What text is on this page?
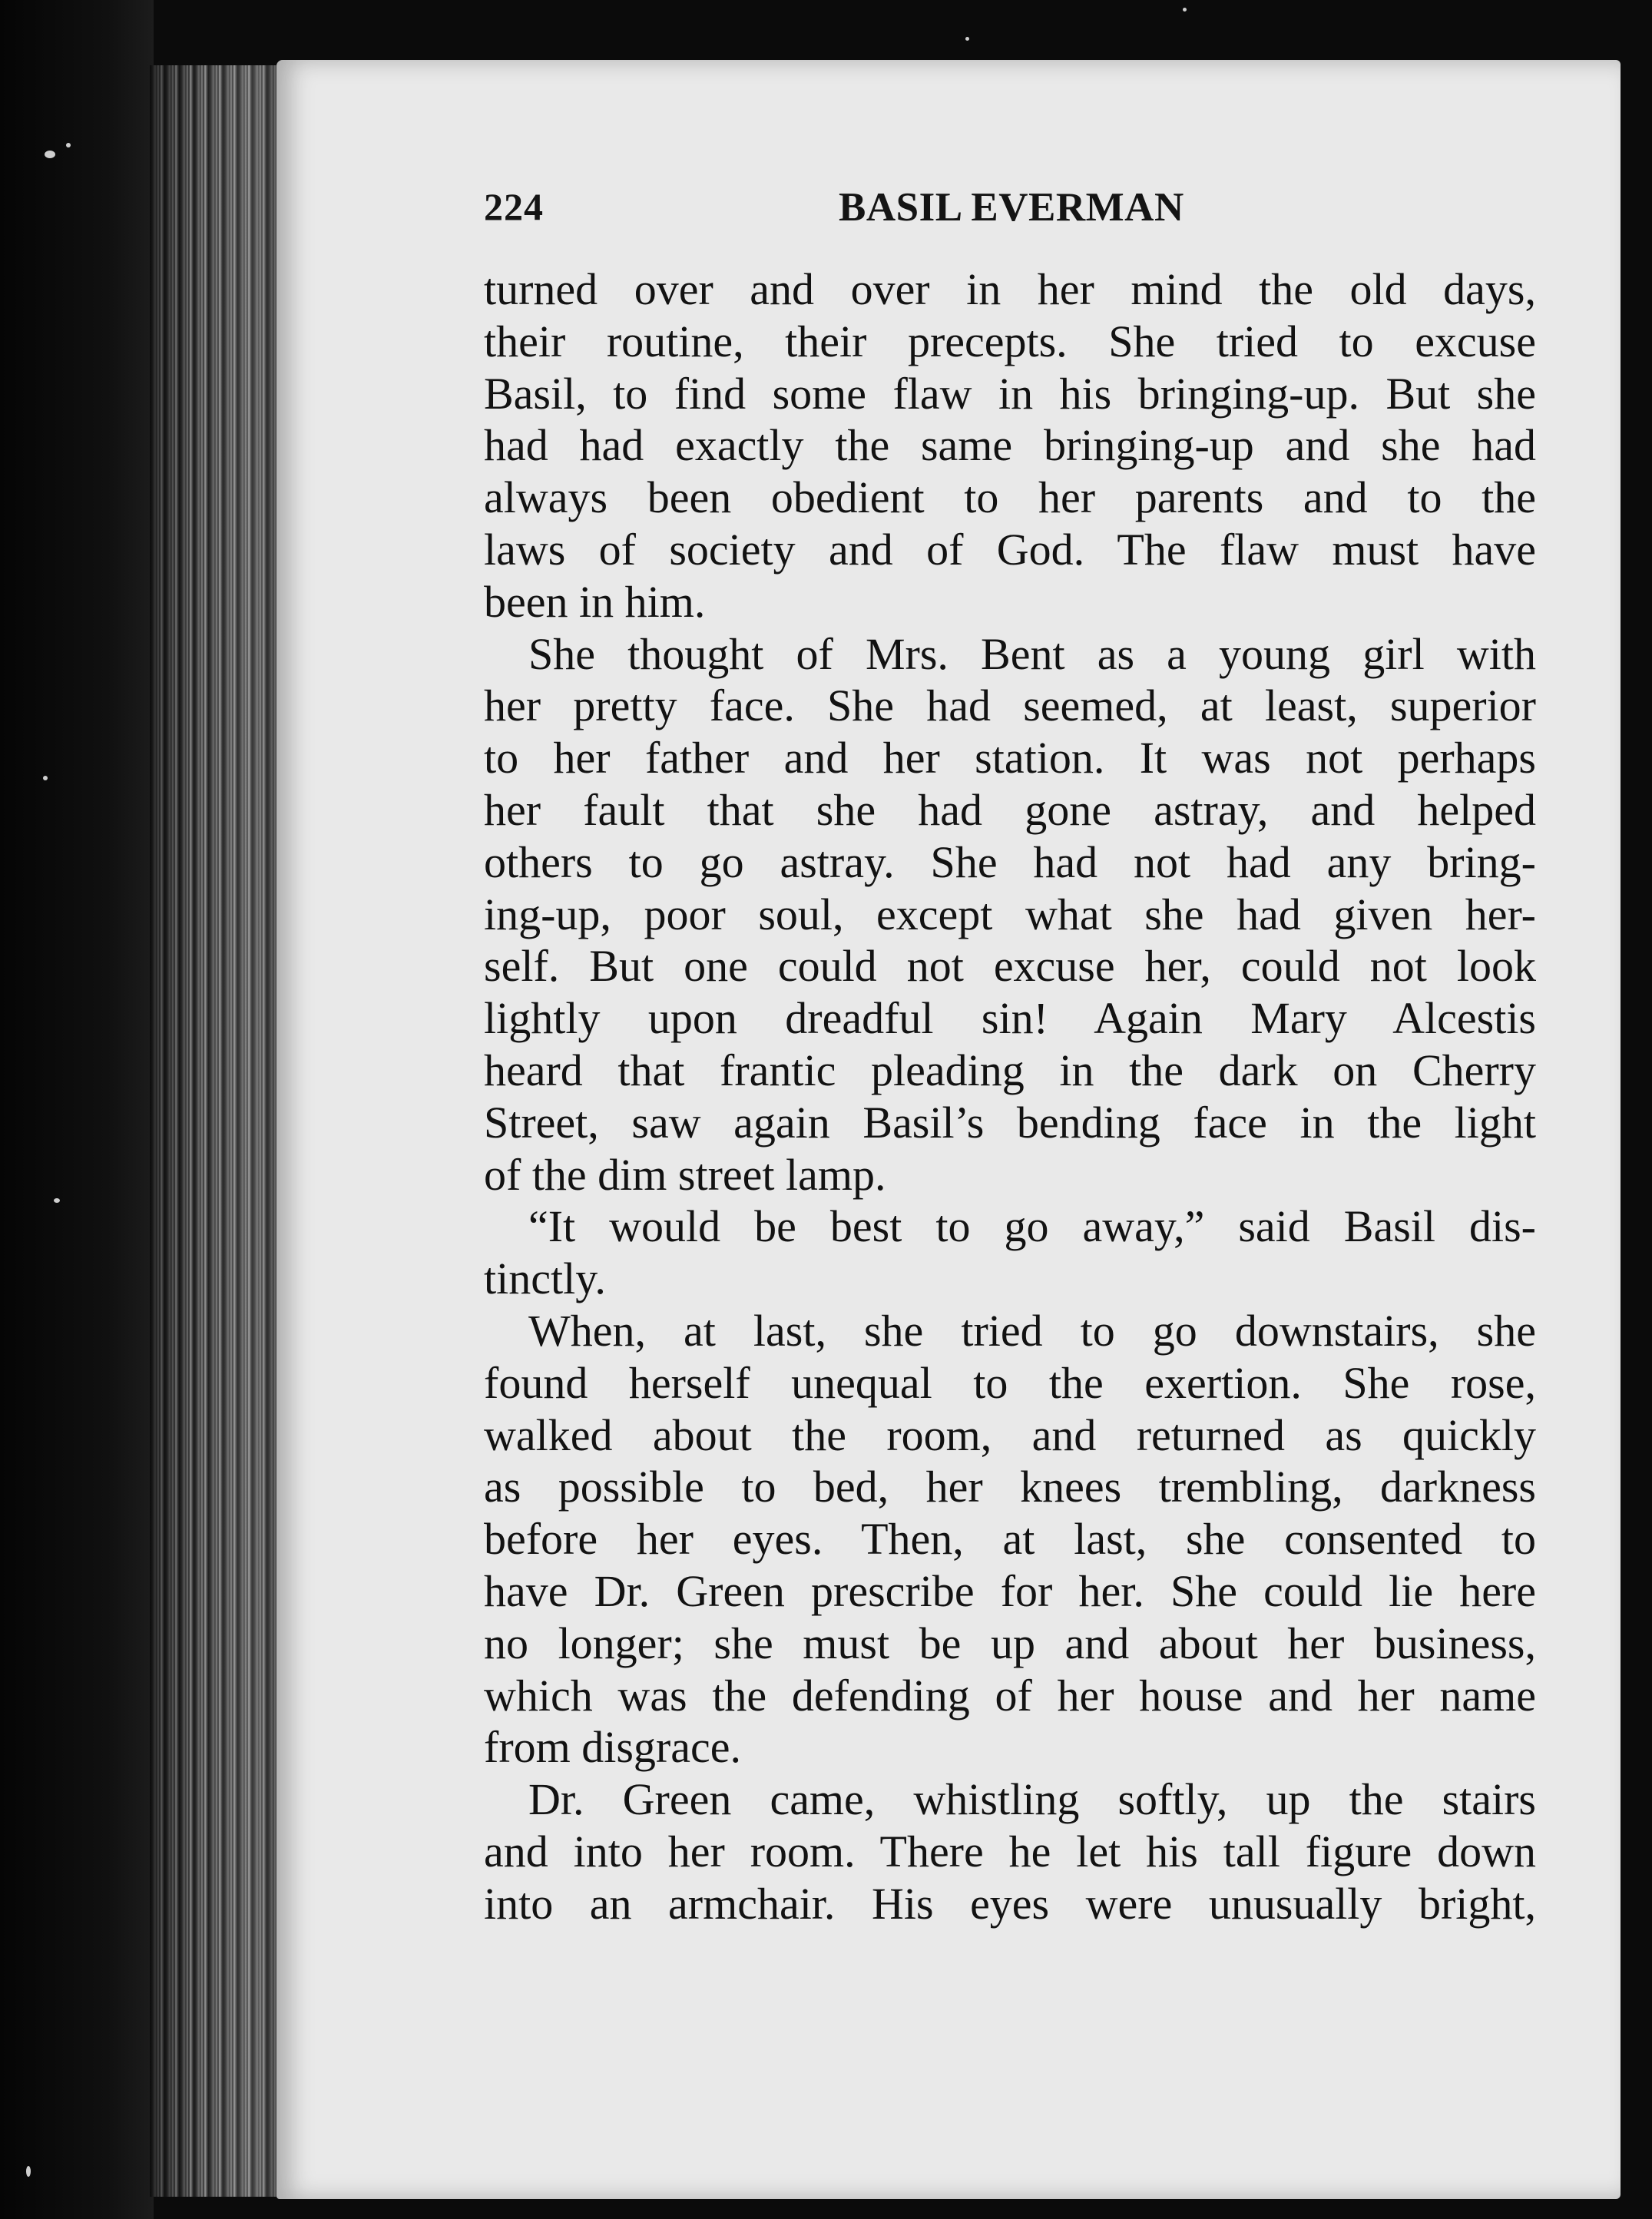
224	BASIL EVERMAN
turned over and over in her mind the old days,
their routine, their precepts. She tried to excuse
Basil, to find some flaw in his bringing-up. But she
had had exactly the same bringing-up and she had
always been obedient to her parents and to the
laws of society and of God. The flaw must have
been in him.
She thought of Mrs. Bent as a young girl with
her pretty face. She had seemed, at least, superior
to her father and her station. It was not perhaps
her fault that she had gone astray, and helped
others to go astray. She had not had any bring-
ing-up, poor soul, except what she had given her-
self. But one could not excuse her, could not look
lightly upon dreadful sin! Again Mary Alcestis
heard that frantic pleading in the dark on Cherry
Street, saw again Basil’s bending face in the light
of the dim street lamp.
“It would be best to go away,” said Basil dis-
tinctly.
When, at last, she tried to go downstairs, she
found herself unequal to the exertion. She rose,
walked about the room, and returned as quickly
as possible to bed, her knees trembling, darkness
before her eyes. Then, at last, she consented to
have Dr. Green prescribe for her. She could lie here
no longer; she must be up and about her business,
which was the defending of her house and her name
from disgrace.
Dr. Green came, whistling softly, up the stairs
and into her room. There he let his tall figure down
into an armchair. His eyes were unusually bright,
